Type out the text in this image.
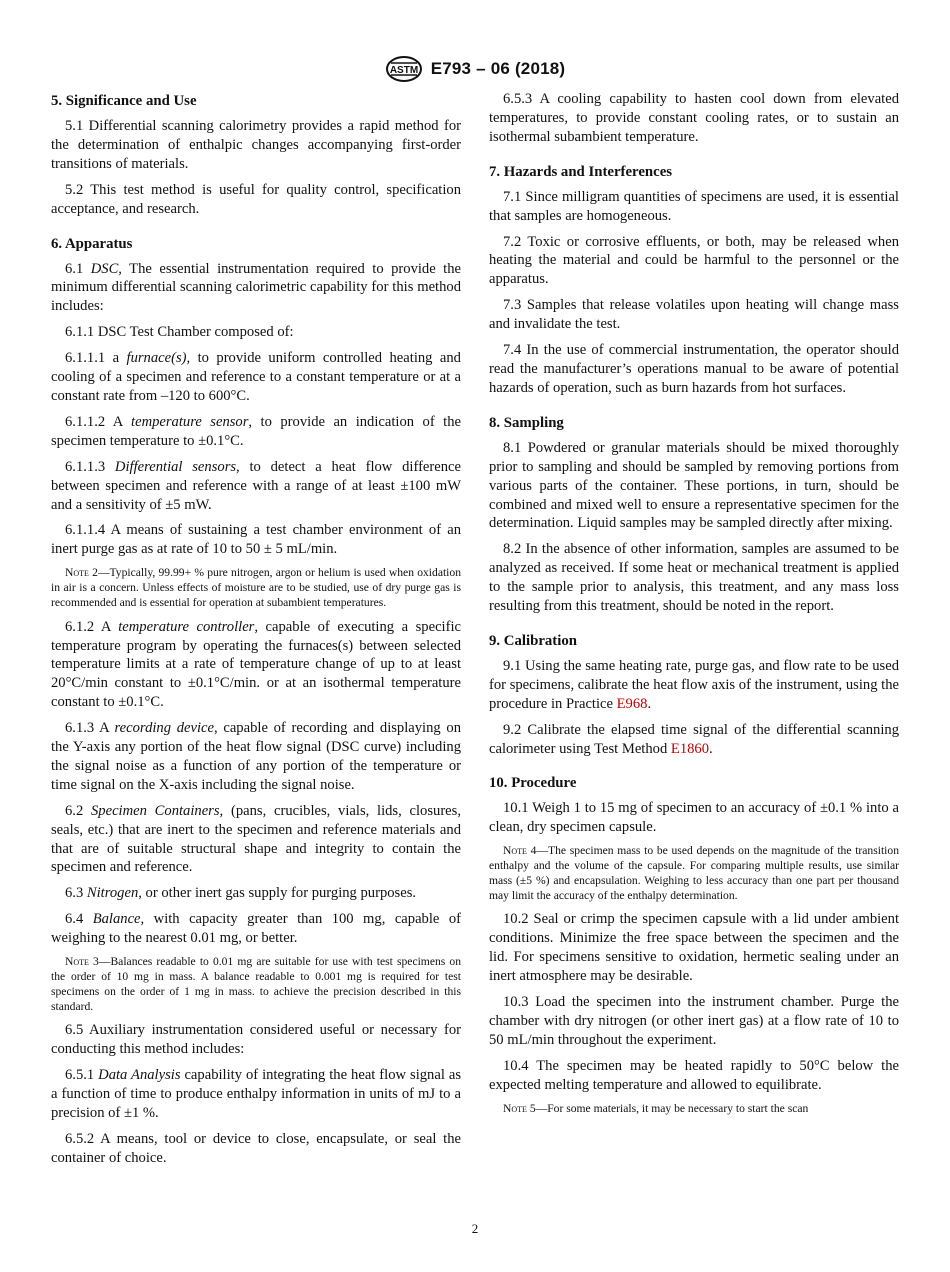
ASTM E793 – 06 (2018)
5. Significance and Use

5.1 Differential scanning calorimetry provides a rapid method for the determination of enthalpic changes accompanying first-order transitions of materials.

5.2 This test method is useful for quality control, specification acceptance, and research.

6. Apparatus

6.1 DSC, The essential instrumentation required to provide the minimum differential scanning calorimetric capability for this method includes:

6.1.1 DSC Test Chamber composed of:

6.1.1.1 a furnace(s), to provide uniform controlled heating and cooling of a specimen and reference to a constant temperature or at a constant rate from –120 to 600°C.

6.1.1.2 A temperature sensor, to provide an indication of the specimen temperature to ±0.1°C.

6.1.1.3 Differential sensors, to detect a heat flow difference between specimen and reference with a range of at least ±100 mW and a sensitivity of ±5 mW.

6.1.1.4 A means of sustaining a test chamber environment of an inert purge gas as at rate of 10 to 50 ± 5 mL/min.

Note 2—Typically, 99.99+ % pure nitrogen, argon or helium is used when oxidation in air is a concern. Unless effects of moisture are to be studied, use of dry purge gas is recommended and is essential for operation at subambient temperatures.

6.1.2 A temperature controller, capable of executing a specific temperature program by operating the furnaces(s) between selected temperature limits at a rate of temperature change of up to at least 20°C/min constant to ±0.1°C/min. or at an isothermal temperature constant to ±0.1°C.

6.1.3 A recording device, capable of recording and displaying on the Y-axis any portion of the heat flow signal (DSC curve) including the signal noise as a function of any portion of the temperature or time signal on the X-axis including the signal noise.

6.2 Specimen Containers, (pans, crucibles, vials, lids, closures, seals, etc.) that are inert to the specimen and reference materials and that are of suitable structural shape and integrity to contain the specimen and reference.

6.3 Nitrogen, or other inert gas supply for purging purposes.

6.4 Balance, with capacity greater than 100 mg, capable of weighing to the nearest 0.01 mg, or better.

Note 3—Balances readable to 0.01 mg are suitable for use with test specimens on the order of 10 mg in mass. A balance readable to 0.001 mg is required for test specimens on the order of 1 mg in mass. to achieve the precision described in this standard.

6.5 Auxiliary instrumentation considered useful or necessary for conducting this method includes:

6.5.1 Data Analysis capability of integrating the heat flow signal as a function of time to produce enthalpy information in units of mJ to a precision of ±1 %.

6.5.2 A means, tool or device to close, encapsulate, or seal the container of choice.

6.5.3 A cooling capability to hasten cool down from elevated temperatures, to provide constant cooling rates, or to sustain an isothermal subambient temperature.

7. Hazards and Interferences

7.1 Since milligram quantities of specimens are used, it is essential that samples are homogeneous.

7.2 Toxic or corrosive effluents, or both, may be released when heating the material and could be harmful to the personnel or the apparatus.

7.3 Samples that release volatiles upon heating will change mass and invalidate the test.

7.4 In the use of commercial instrumentation, the operator should read the manufacturer’s operations manual to be aware of potential hazards of operation, such as burn hazards from hot surfaces.

8. Sampling

8.1 Powdered or granular materials should be mixed thoroughly prior to sampling and should be sampled by removing portions from various parts of the container. These portions, in turn, should be combined and mixed well to ensure a representative specimen for the determination. Liquid samples may be sampled directly after mixing.

8.2 In the absence of other information, samples are assumed to be analyzed as received. If some heat or mechanical treatment is applied to the sample prior to analysis, this treatment, and any mass loss resulting from this treatment, should be noted in the report.

9. Calibration

9.1 Using the same heating rate, purge gas, and flow rate to be used for specimens, calibrate the heat flow axis of the instrument, using the procedure in Practice E968.

9.2 Calibrate the elapsed time signal of the differential scanning calorimeter using Test Method E1860.

10. Procedure

10.1 Weigh 1 to 15 mg of specimen to an accuracy of ±0.1 % into a clean, dry specimen capsule.

Note 4—The specimen mass to be used depends on the magnitude of the transition enthalpy and the volume of the capsule. For comparing multiple results, use similar mass (±5 %) and encapsulation. Weighing to less accuracy than one part per thousand may limit the accuracy of the enthalpy determination.

10.2 Seal or crimp the specimen capsule with a lid under ambient conditions. Minimize the free space between the specimen and the lid. For specimens sensitive to oxidation, hermetic sealing under an inert atmosphere may be desirable.

10.3 Load the specimen into the instrument chamber. Purge the chamber with dry nitrogen (or other inert gas) at a flow rate of 10 to 50 mL/min throughout the experiment.

10.4 The specimen may be heated rapidly to 50°C below the expected melting temperature and allowed to equilibrate.

Note 5—For some materials, it may be necessary to start the scan

2
